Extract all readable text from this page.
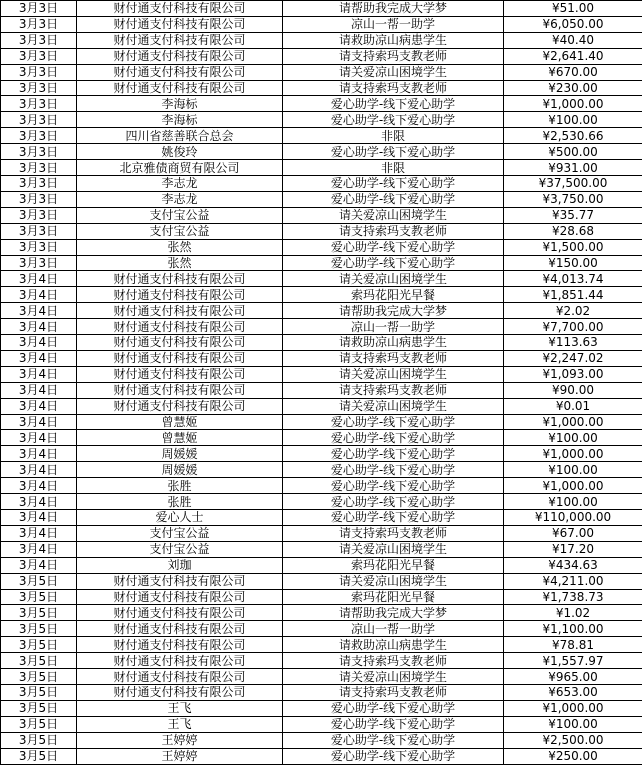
3月3日	财付通支付科技有限公司	请帮助我完成大学梦	¥51.00
3月3日	财付通支付科技有限公司	凉山一帮一助学	¥6,050.00
3月3日	财付通支付科技有限公司	请救助凉山病患学生	¥40.40
3月3日	财付通支付科技有限公司	请支持索玛支教老师	¥2,641.40
3月3日	财付通支付科技有限公司	请关爱凉山困境学生	¥670.00
3月3日	财付通支付科技有限公司	请支持索玛支教老师	¥230.00
3月3日	李海标	爱心助学-线下爱心助学	¥1,000.00
3月3日	李海标	爱心助学-线下爱心助学	¥100.00
3月3日	四川省慈善联合总会	非限	¥2,530.66
3月3日	姚俊玲	爱心助学-线下爱心助学	¥500.00
3月3日	北京雅债商贸有限公司	非限	¥931.00
3月3日	李志龙	爱心助学-线下爱心助学	¥37,500.00
3月3日	李志龙	爱心助学-线下爱心助学	¥3,750.00
3月3日	支付宝公益	请关爱凉山困境学生	¥35.77
3月3日	支付宝公益	请支持索玛支教老师	¥28.68
3月3日	张然	爱心助学-线下爱心助学	¥1,500.00
3月3日	张然	爱心助学-线下爱心助学	¥150.00
3月4日	财付通支付科技有限公司	请关爱凉山困境学生	¥4,013.74
3月4日	财付通支付科技有限公司	索玛花阳光早餐	¥1,851.44
3月4日	财付通支付科技有限公司	请帮助我完成大学梦	¥2.02
3月4日	财付通支付科技有限公司	凉山一帮一助学	¥7,700.00
3月4日	财付通支付科技有限公司	请救助凉山病患学生	¥113.63
3月4日	财付通支付科技有限公司	请支持索玛支教老师	¥2,247.02
3月4日	财付通支付科技有限公司	请关爱凉山困境学生	¥1,093.00
3月4日	财付通支付科技有限公司	请支持索玛支教老师	¥90.00
3月4日	财付通支付科技有限公司	请关爱凉山困境学生	¥0.01
3月4日	曾慧姬	爱心助学-线下爱心助学	¥1,000.00
3月4日	曾慧姬	爱心助学-线下爱心助学	¥100.00
3月4日	周媛媛	爱心助学-线下爱心助学	¥1,000.00
3月4日	周媛媛	爱心助学-线下爱心助学	¥100.00
3月4日	张胜	爱心助学-线下爱心助学	¥1,000.00
3月4日	张胜	爱心助学-线下爱心助学	¥100.00
3月4日	爱心人士	爱心助学-线下爱心助学	¥110,000.00
3月4日	支付宝公益	请支持索玛支教老师	¥67.00
3月4日	支付宝公益	请关爱凉山困境学生	¥17.20
3月4日	刘珈	索玛花阳光早餐	¥434.63
3月5日	财付通支付科技有限公司	请关爱凉山困境学生	¥4,211.00
3月5日	财付通支付科技有限公司	索玛花阳光早餐	¥1,738.73
3月5日	财付通支付科技有限公司	请帮助我完成大学梦	¥1.02
3月5日	财付通支付科技有限公司	凉山一帮一助学	¥1,100.00
3月5日	财付通支付科技有限公司	请救助凉山病患学生	¥78.81
3月5日	财付通支付科技有限公司	请支持索玛支教老师	¥1,557.97
3月5日	财付通支付科技有限公司	请关爱凉山困境学生	¥965.00
3月5日	财付通支付科技有限公司	请支持索玛支教老师	¥653.00
3月5日	王飞	爱心助学-线下爱心助学	¥1,000.00
3月5日	王飞	爱心助学-线下爱心助学	¥100.00
3月5日	王婷婷	爱心助学-线下爱心助学	¥2,500.00
3月5日	王婷婷	爱心助学-线下爱心助学	¥250.00
